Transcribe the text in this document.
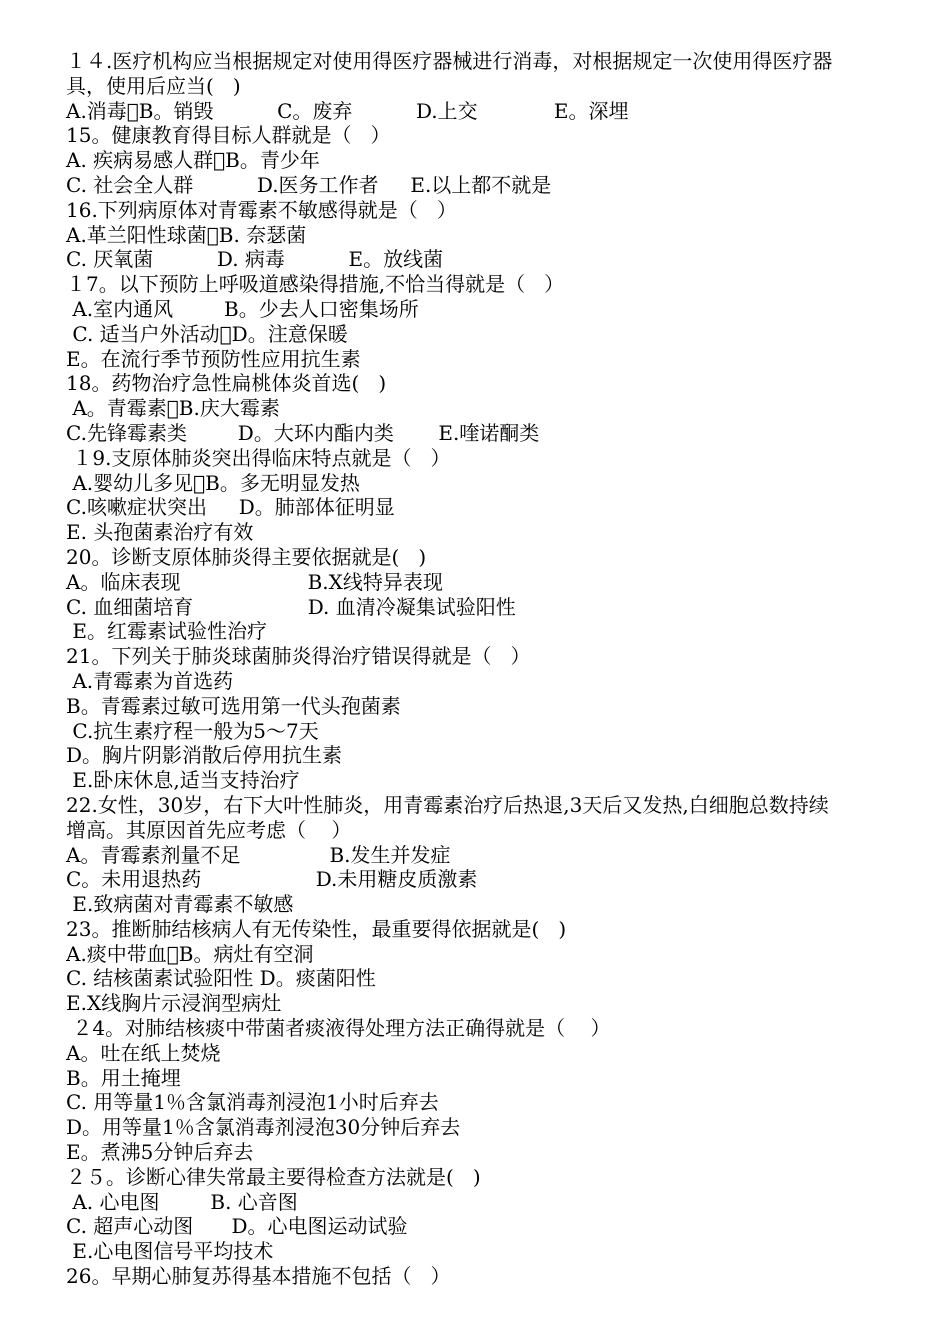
１４.医疗机构应当根据规定对使用得医疗器械进行消毒，对根据规定一次使用得医疗器
具，使用后应当(   )
A.消毒 B。销毁          C。废弃          D.上交            E。深埋
15。健康教育得目标人群就是（   ）
A. 疾病易感人群 B。青少年
C. 社会全人群          D.医务工作者     E.以上都不就是
16.下列病原体对青霉素不敏感得就是（   ）
A.革兰阳性球菌 B. 奈瑟菌
C. 厌氧菌          D. 病毒          E。放线菌
１7。以下预防上呼吸道感染得措施,不恰当得就是（   ）
A.室内通风        B。少去人口密集场所
C. 适当户外活动 D。注意保暖
E。在流行季节预防性应用抗生素
18。药物治疗急性扁桃体炎首选(   )
A。青霉素 B.庆大霉素
C.先锋霉素类        D。大环内酯内类       E.喹诺酮类
１9.支原体肺炎突出得临床特点就是（   ）
A.婴幼儿多见 B。多无明显发热
C.咳嗽症状突出     D。肺部体征明显
E. 头孢菌素治疗有效
20。诊断支原体肺炎得主要依据就是(   )
A。临床表现                    B.X线特异表现
C. 血细菌培育                  D. 血清冷凝集试验阳性
E。红霉素试验性治疗
21。下列关于肺炎球菌肺炎得治疗错误得就是（   ）
A.青霉素为首选药
B。青霉素过敏可选用第一代头孢菌素
C.抗生素疗程一般为5～7天
D。胸片阴影消散后停用抗生素
E.卧床休息,适当支持治疗
22.女性，30岁，右下大叶性肺炎，用青霉素治疗后热退,3天后又发热,白细胞总数持续
增高。其原因首先应考虑（    ）
A。青霉素剂量不足              B.发生并发症
C。未用退热药                  D.未用糖皮质激素
E.致病菌对青霉素不敏感
23。推断肺结核病人有无传染性，最重要得依据就是(   )
A.痰中带血 B。病灶有空洞
C. 结核菌素试验阳性 D。痰菌阳性
E.X线胸片示浸润型病灶
２4。对肺结核痰中带菌者痰液得处理方法正确得就是（    ）
A。吐在纸上焚烧
B。用土掩埋
C. 用等量1％含氯消毒剂浸泡1小时后弃去
D。用等量1％含氯消毒剂浸泡30分钟后弃去
E。煮沸5分钟后弃去
２５。诊断心律失常最主要得检查方法就是(   )
A. 心电图        B. 心音图
C. 超声心动图      D。心电图运动试验
E.心电图信号平均技术
26。早期心肺复苏得基本措施不包括（   ）
